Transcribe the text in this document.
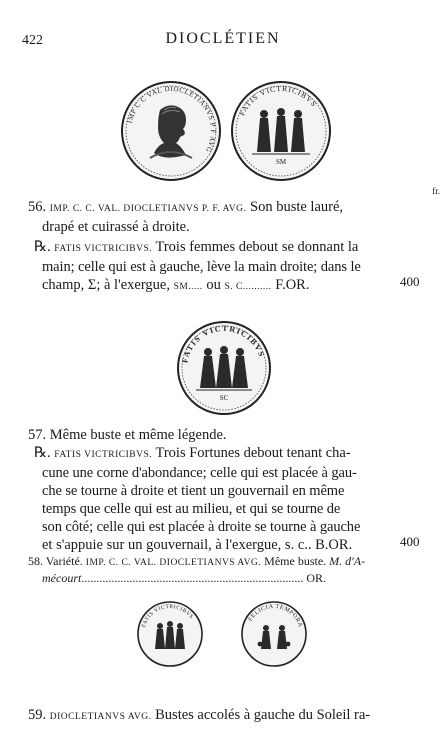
422	DIOCLÉTIEN
IMP C C VAL DIOCLETIANVS P F AVG
FATIS VICTRICIBVS
SM
fr.
56. IMP. C. C. VAL. DIOCLETIANVS P. F. AVG. Son buste lauré,
drapé et cuirassé à droite.
℞. FATIS VICTRICIBVS. Trois femmes debout se donnant la
main; celle qui est à gauche, lève la main droite; dans le
champ, Σ; à l'exergue, SM..... ou S. C.......... F.OR.	400
FATIS VICTRICIBVS
SC
57. Même buste et même légende.
℞. FATIS VICTRICIBVS. Trois Fortunes debout tenant cha-
cune une corne d'abondance; celle qui est placée à gau-
che se tourne à droite et tient un gouvernail en même
temps que celle qui est au milieu, et qui se tourne de
son côté; celle qui est placée à droite se tourne à gauche
et s'appuie sur un gouvernail, à l'exergue, s. c.. B.OR.	400
58. Variété. IMP. C. C. VAL. DIOCLETIANVS AVG. Même buste. M. d'A-
mécourt.......................................................................... OR.
FATIS VICTRICIBVS	FELICIA TEMPORA
59. DIOCLETIANVS AVG. Bustes accolés à gauche du Soleil ra-
